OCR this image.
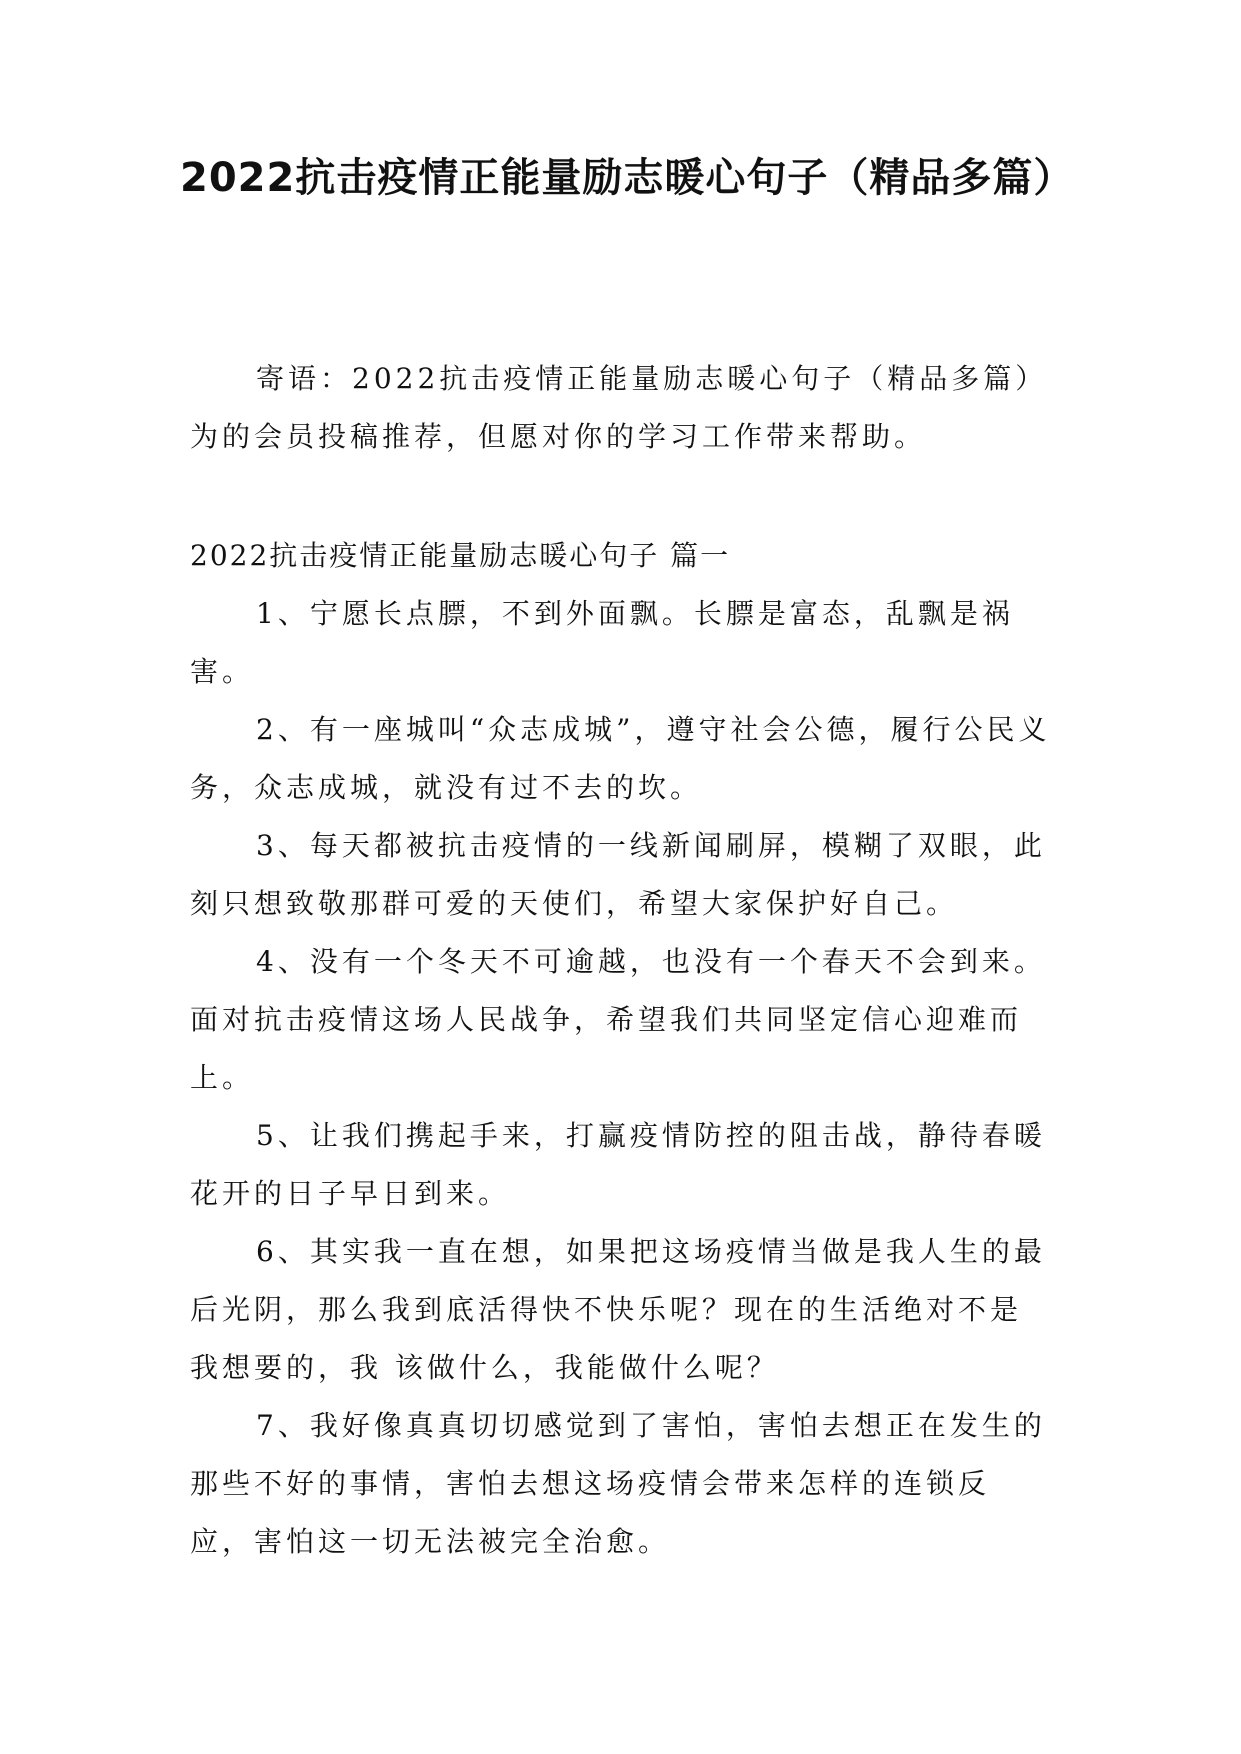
2022抗击疫情正能量励志暖心句子（精品多篇）
寄语：2022抗击疫情正能量励志暖心句子（精品多篇）为的会员投稿推荐，但愿对你的学习工作带来帮助。
2022抗击疫情正能量励志暖心句子 篇一

1、宁愿长点膘，不到外面飘。长膘是富态，乱飘是祸害。

2、有一座城叫“众志成城”，遵守社会公德，履行公民义务，众志成城，就没有过不去的坎。

3、每天都被抗击疫情的一线新闻刷屏，模糊了双眼，此刻只想致敬那群可爱的天使们，希望大家保护好自己。

4、没有一个冬天不可逾越，也没有一个春天不会到来。面对抗击疫情这场人民战争，希望我们共同坚定信心迎难而上。

5、让我们携起手来，打赢疫情防控的阻击战，静待春暖花开的日子早日到来。

6、其实我一直在想，如果把这场疫情当做是我人生的最后光阴，那么我到底活得快不快乐呢？现在的生活绝对不是我想要的，我 该做什么，我能做什么呢？

7、我好像真真切切感觉到了害怕，害怕去想正在发生的那些不好的事情，害怕去想这场疫情会带来怎样的连锁反应，害怕这一切无法被完全治愈。
